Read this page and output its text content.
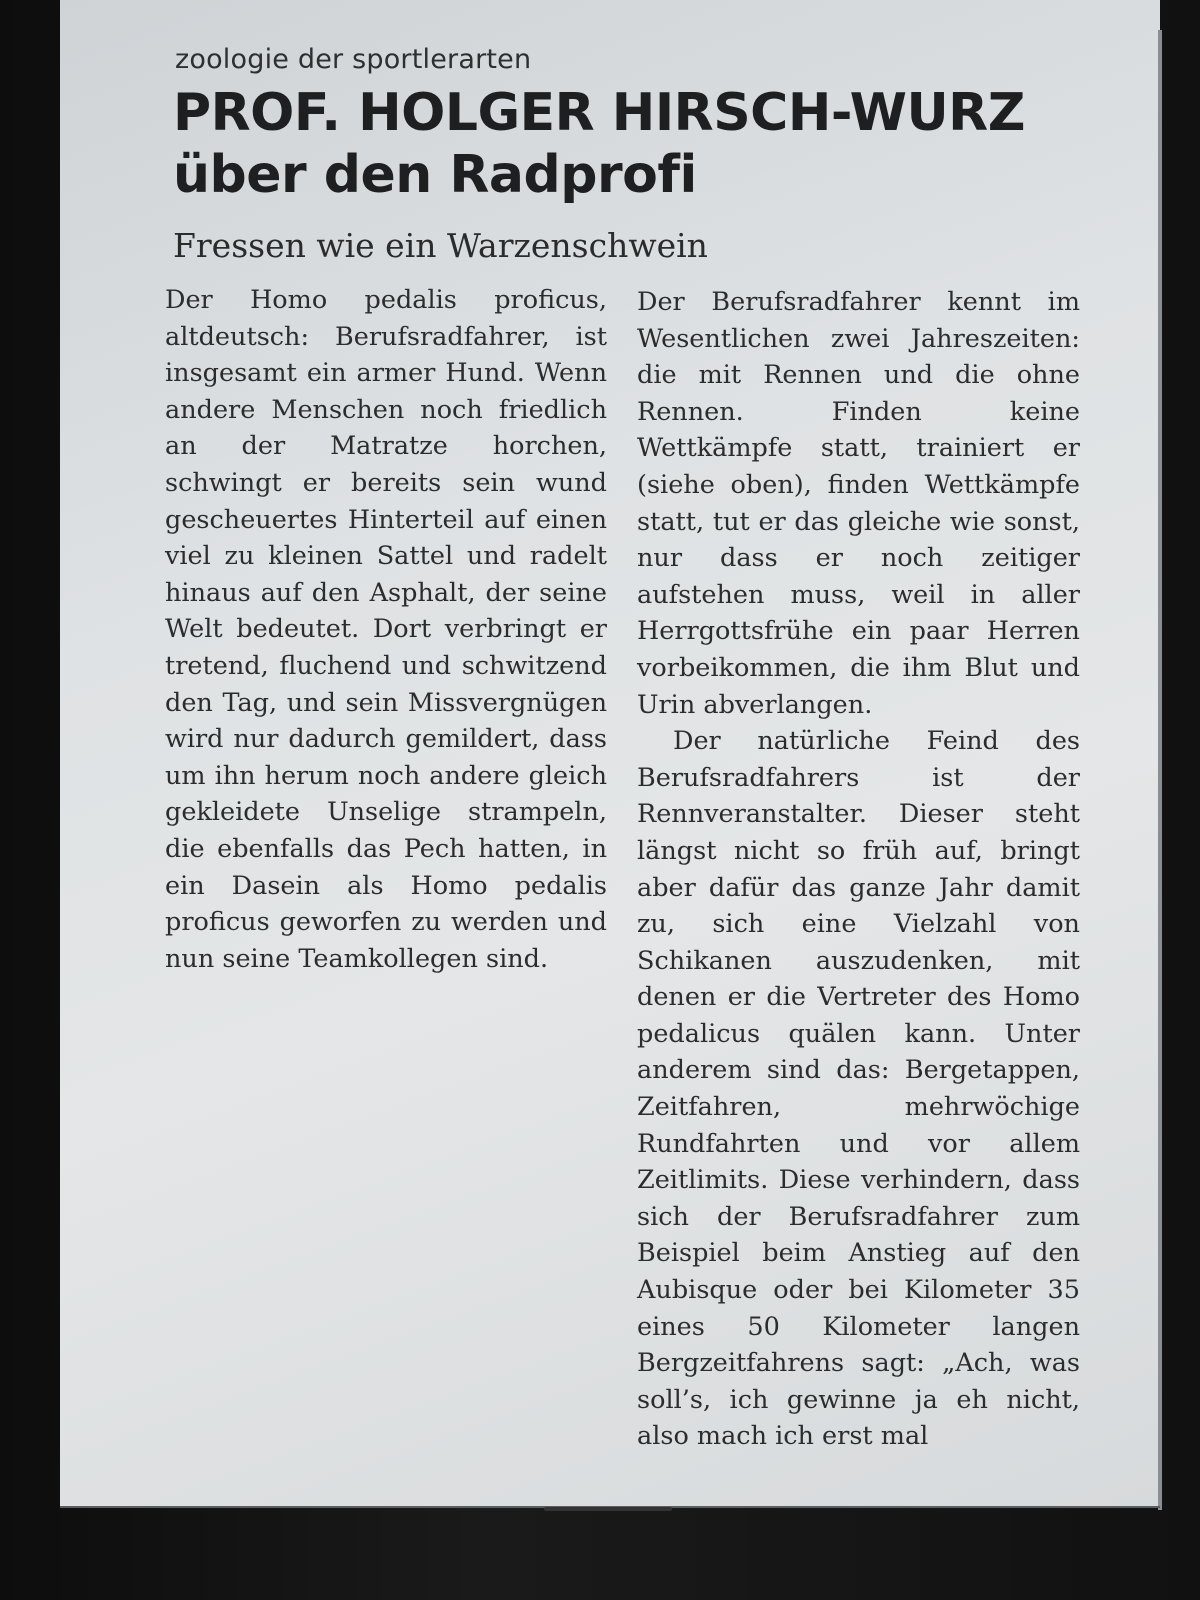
zoologie der sportlerarten
PROF. HOLGER HIRSCH-WURZ über den Radprofi
Fressen wie ein Warzenschwein

Der Homo pedalis proficus, altdeutsch: Berufsradfahrer, ist insgesamt ein armer Hund. Wenn andere Menschen noch friedlich an der Matratze horchen, schwingt er bereits sein wund gescheuertes Hinterteil auf einen viel zu kleinen Sattel und radelt hinaus auf den Asphalt, der seine Welt bedeutet. Dort verbringt er tretend, fluchend und schwitzend den Tag, und sein Missvergnügen wird nur dadurch gemildert, dass um ihn herum noch andere gleich gekleidete Unselige strampeln, die ebenfalls das Pech hatten, in ein Dasein als Homo pedalis proficus geworfen zu werden und nun seine Teamkollegen sind.

Der Berufsradfahrer kennt im Wesentlichen zwei Jahreszeiten: die mit Rennen und die ohne Rennen. Finden keine Wettkämpfe statt, trainiert er (siehe oben), finden Wettkämpfe statt, tut er das gleiche wie sonst, nur dass er noch zeitiger aufstehen muss, weil in aller Herrgottsfrühe ein paar Herren vorbeikommen, die ihm Blut und Urin abverlangen.

Der natürliche Feind des Berufsradfahrers ist der Rennveranstalter. Dieser steht längst nicht so früh auf, bringt aber dafür das ganze Jahr damit zu, sich eine Vielzahl von Schikanen auszudenken, mit denen er die Vertreter des Homo pedalicus quälen kann. Unter anderem sind das: Bergetappen, Zeitfahren, mehrwöchige Rundfahrten und vor allem Zeitlimits. Diese verhindern, dass sich der Berufsradfahrer zum Beispiel beim Anstieg auf den Aubisque oder bei Kilometer 35 eines 50 Kilometer langen Bergzeitfahrens sagt: „Ach, was soll’s, ich gewinne ja eh nicht, also mach ich erst mal
